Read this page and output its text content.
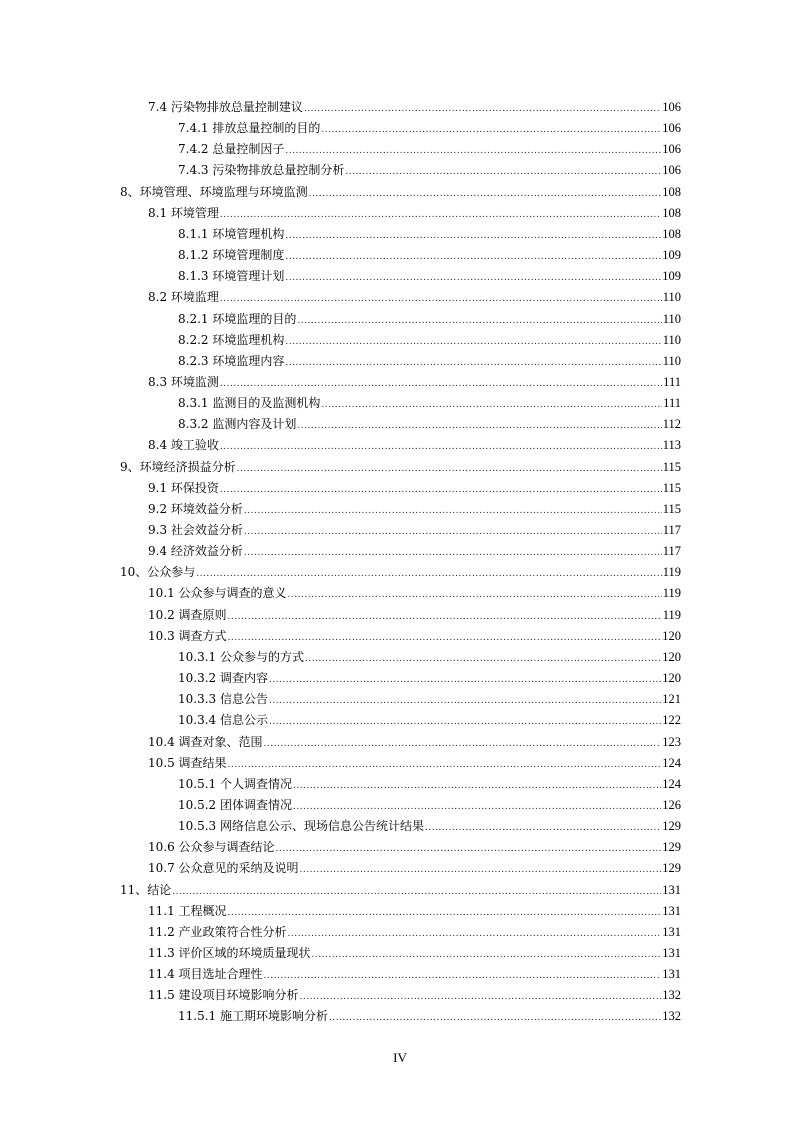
7.4 污染物排放总量控制建议 .....	106
7.4.1 排放总量控制的目的 .....	106
7.4.2 总量控制因子 .....	106
7.4.3 污染物排放总量控制分析 .....	106
8、环境管理、环境监理与环境监测 .....	108
8.1 环境管理 .....	108
8.1.1 环境管理机构 .....	108
8.1.2 环境管理制度 .....	109
8.1.3 环境管理计划 .....	109
8.2 环境监理 .....	110
8.2.1 环境监理的目的 .....	110
8.2.2 环境监理机构 .....	110
8.2.3 环境监理内容 .....	110
8.3 环境监测 .....	111
8.3.1 监测目的及监测机构 .....	111
8.3.2 监测内容及计划 .....	112
8.4 竣工验收 .....	113
9、环境经济损益分析 .....	115
9.1 环保投资 .....	115
9.2 环境效益分析 .....	115
9.3 社会效益分析 .....	117
9.4 经济效益分析 .....	117
10、公众参与 .....	119
10.1 公众参与调查的意义 .....	119
10.2 调查原则 .....	119
10.3 调查方式 .....	120
10.3.1 公众参与的方式 .....	120
10.3.2 调查内容 .....	120
10.3.3 信息公告 .....	121
10.3.4 信息公示 .....	122
10.4 调查对象、范围 .....	123
10.5 调查结果 .....	124
10.5.1 个人调查情况 .....	124
10.5.2 团体调查情况 .....	126
10.5.3 网络信息公示、现场信息公告统计结果 .....	129
10.6 公众参与调查结论 .....	129
10.7 公众意见的采纳及说明 .....	129
11、结论 .....	131
11.1 工程概况 .....	131
11.2 产业政策符合性分析 .....	131
11.3 评价区域的环境质量现状 .....	131
11.4 项目选址合理性 .....	131
11.5 建设项目环境影响分析 .....	132
11.5.1 施工期环境影响分析 .....	132
IV
